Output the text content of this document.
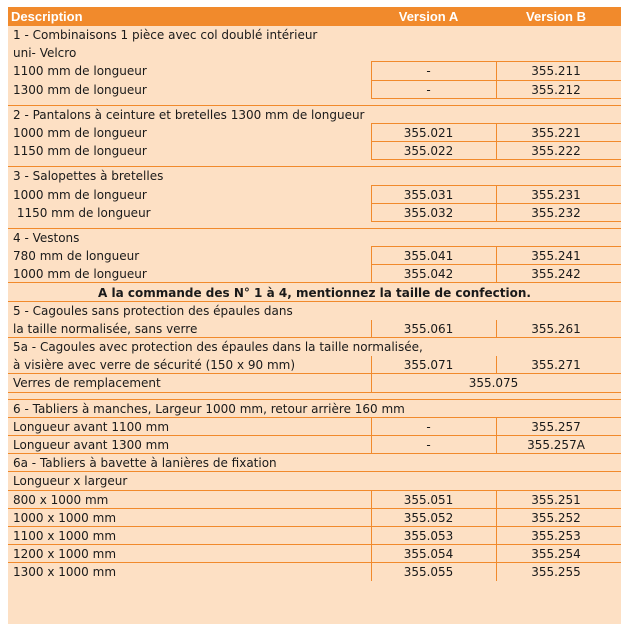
Description	Version A	Version B
1 - Combinaisons 1 pièce avec col doublé intérieur
uni- Velcro
1100 mm de longueur	-	355.211
1300 mm de longueur	-	355.212
2 - Pantalons à ceinture et bretelles 1300 mm de longueur
1000 mm de longueur	355.021	355.221
1150 mm de longueur	355.022	355.222
3 - Salopettes à bretelles
1000 mm de longueur	355.031	355.231
1150 mm de longueur	355.032	355.232
4 - Vestons
780 mm de longueur	355.041	355.241
1000 mm de longueur	355.042	355.242
A la commande des N° 1 à 4, mentionnez la taille de confection.
5 - Cagoules sans protection des épaules dans
la taille normalisée, sans verre	355.061	355.261
5a - Cagoules avec protection des épaules dans la taille normalisée,
à visière avec verre de sécurité (150 x 90 mm)	355.071	355.271
Verres de remplacement	355.075
6 - Tabliers à manches, Largeur 1000 mm, retour arrière 160 mm
Longueur avant 1100 mm	-	355.257
Longueur avant 1300 mm	-	355.257A
6a - Tabliers à bavette à lanières de fixation
Longueur x largeur
800 x 1000 mm	355.051	355.251
1000 x 1000 mm	355.052	355.252
1100 x 1000 mm	355.053	355.253
1200 x 1000 mm	355.054	355.254
1300 x 1000 mm	355.055	355.255
